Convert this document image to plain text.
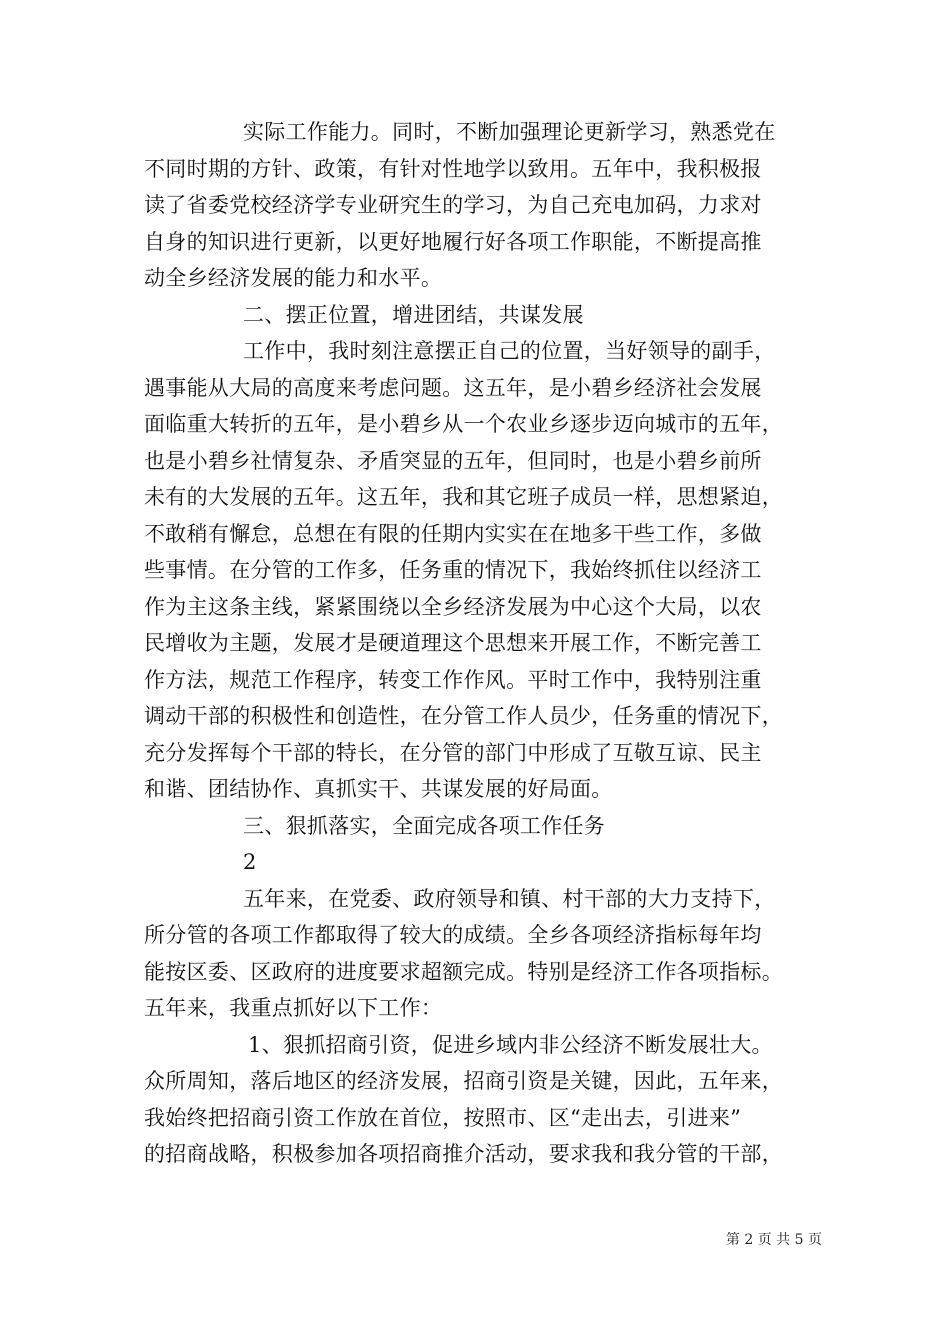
实际工作能力。同时，不断加强理论更新学习，熟悉党在
不同时期的方针、政策，有针对性地学以致用。五年中，我积极报
读了省委党校经济学专业研究生的学习，为自己充电加码，力求对
自身的知识进行更新，以更好地履行好各项工作职能，不断提高推
动全乡经济发展的能力和水平。
二、摆正位置，增进团结，共谋发展
工作中，我时刻注意摆正自己的位置，当好领导的副手，
遇事能从大局的高度来考虑问题。这五年，是小碧乡经济社会发展
面临重大转折的五年，是小碧乡从一个农业乡逐步迈向城市的五年，
也是小碧乡社情复杂、矛盾突显的五年，但同时，也是小碧乡前所
未有的大发展的五年。这五年，我和其它班子成员一样，思想紧迫，
不敢稍有懈怠，总想在有限的任期内实实在在地多干些工作，多做
些事情。在分管的工作多，任务重的情况下，我始终抓住以经济工
作为主这条主线，紧紧围绕以全乡经济发展为中心这个大局，以农
民增收为主题，发展才是硬道理这个思想来开展工作，不断完善工
作方法，规范工作程序，转变工作作风。平时工作中，我特别注重
调动干部的积极性和创造性，在分管工作人员少，任务重的情况下，
充分发挥每个干部的特长，在分管的部门中形成了互敬互谅、民主
和谐、团结协作、真抓实干、共谋发展的好局面。
三、狠抓落实，全面完成各项工作任务
2
五年来，在党委、政府领导和镇、村干部的大力支持下，
所分管的各项工作都取得了较大的成绩。全乡各项经济指标每年均
能按区委、区政府的进度要求超额完成。特别是经济工作各项指标。
五年来，我重点抓好以下工作：
1、狠抓招商引资，促进乡域内非公经济不断发展壮大。
众所周知，落后地区的经济发展，招商引资是关键，因此，五年来，
我始终把招商引资工作放在首位，按照市、区“走出去，引进来”
的招商战略，积极参加各项招商推介活动，要求我和我分管的干部，
第 2 页 共 5 页
